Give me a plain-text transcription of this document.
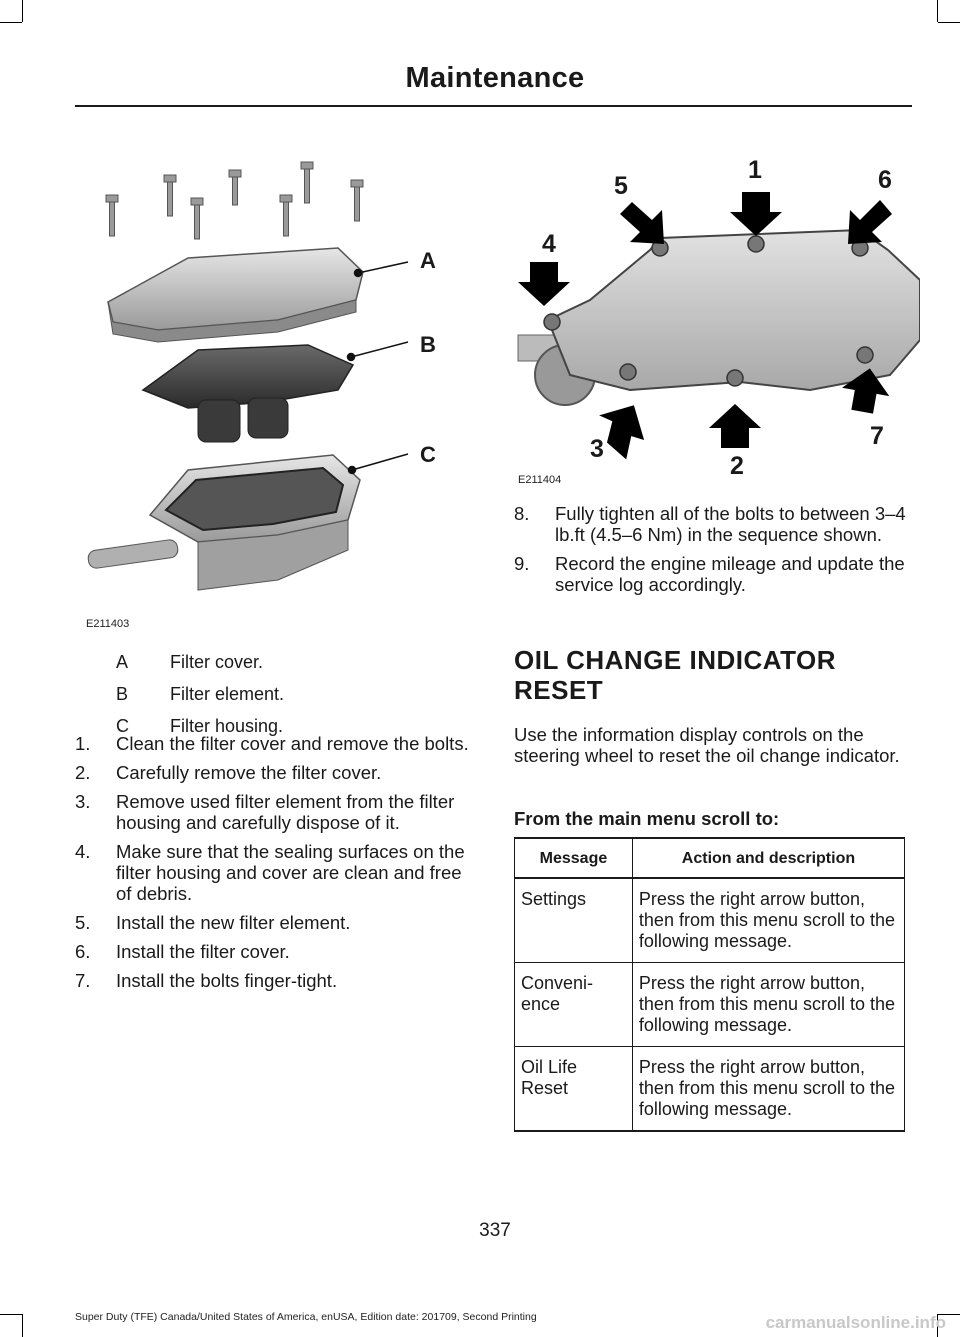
Maintenance
A
B
C
E211403
A	Filter cover.
B	Filter element.
C	Filter housing.
1. Clean the filter cover and remove the bolts.
2. Carefully remove the filter cover.
3. Remove used filter element from the filter housing and carefully dispose of it.
4. Make sure that the sealing surfaces on the filter housing and cover are clean and free of debris.
5. Install the new filter element.
6. Install the filter cover.
7. Install the bolts finger-tight.
1
2
3
4
5	6
7
E211404
8. Fully tighten all of the bolts to between 3–4 lb.ft (4.5–6 Nm) in the sequence shown.
9. Record the engine mileage and update the service log accordingly.
OIL CHANGE INDICATOR
RESET
Use the information display controls on the steering wheel to reset the oil change indicator.
From the main menu scroll to:
Message	Action and description
Settings	Press the right arrow button, then from this menu scroll to the following message.
Conveni-
ence	Press the right arrow button, then from this menu scroll to the following message.
Oil Life
Reset	Press the right arrow button, then from this menu scroll to the following message.
337
Super Duty (TFE) Canada/United States of America, enUSA, Edition date: 201709, Second Printing	carmanualsonline.info
